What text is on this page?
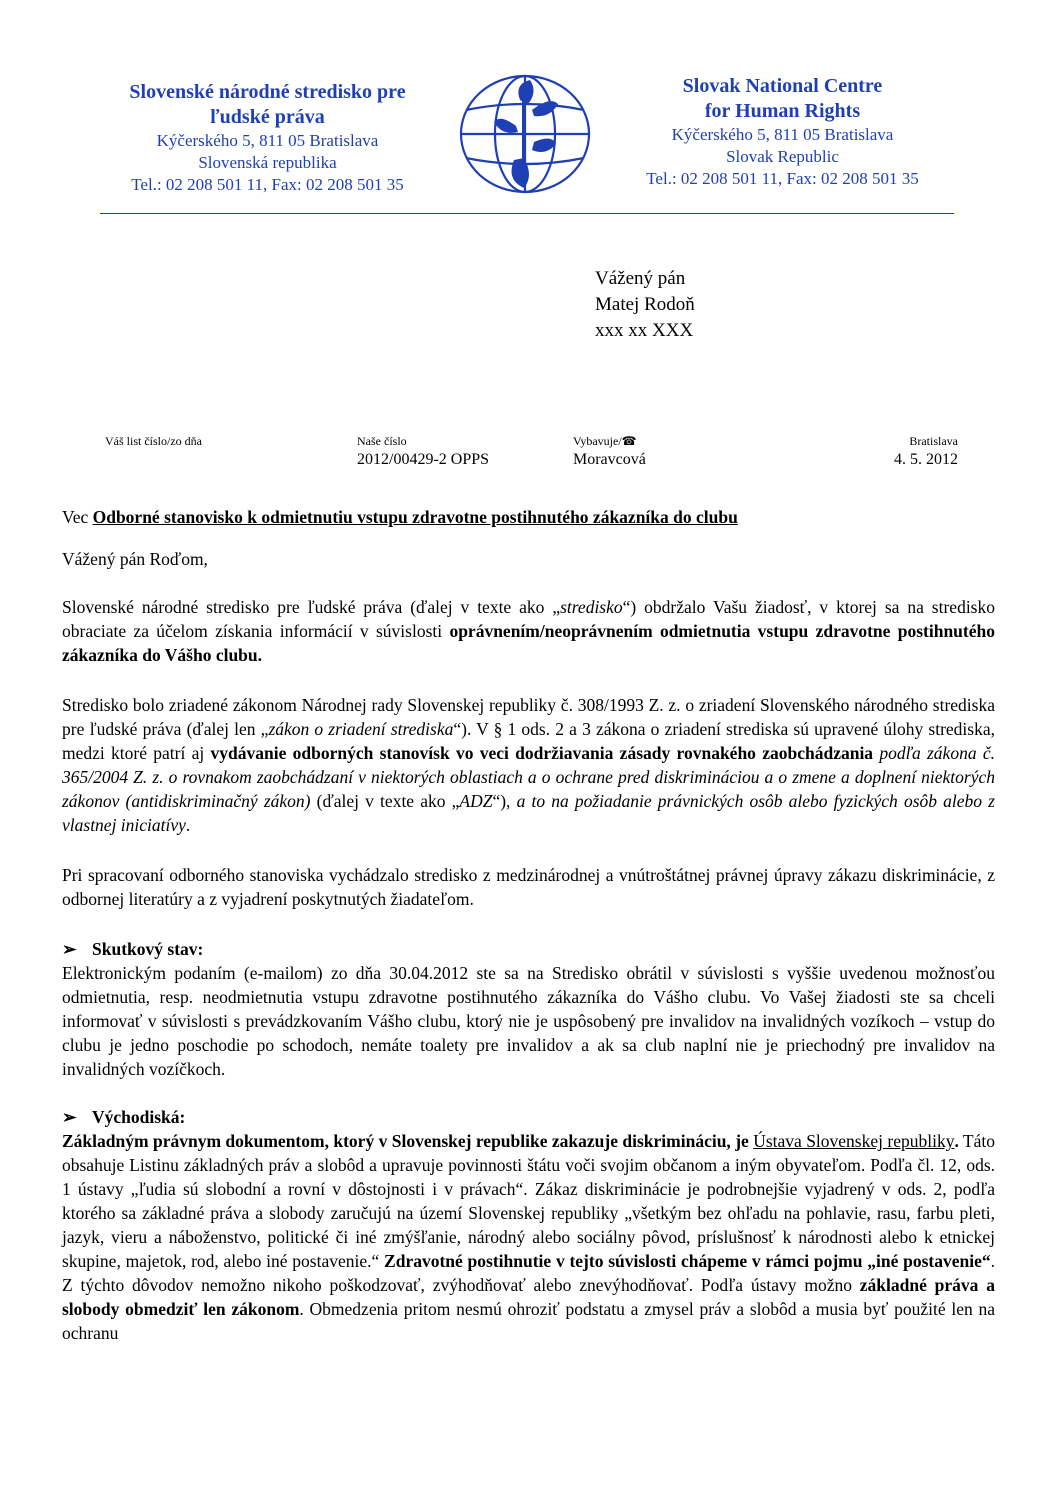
Slovenské národné stredisko pre
ľudské práva
Kýčerského 5, 811 05 Bratislava
Slovenská republika
Tel.: 02 208 501 11, Fax: 02 208 501 35
Slovak National Centre
for Human Rights
Kýčerského 5, 811 05 Bratislava
Slovak Republic
Tel.: 02 208 501 11, Fax: 02 208 501 35
Vážený pán
Matej Rodoň
xxx xx XXX
Váš list číslo/zo dňa	Naše číslo
2012/00429-2 OPPS
Vybavuje/☎
Moravcová
Bratislava
4. 5. 2012
Vec Odborné stanovisko k odmietnutiu vstupu zdravotne postihnutého zákazníka do clubu
Vážený pán Roďom,

Slovenské národné stredisko pre ľudské práva (ďalej v texte ako „stredisko“) obdržalo Vašu žiadosť, v ktorej sa na stredisko obraciate za účelom získania informácií v súvislosti oprávnením/neoprávnením odmietnutia vstupu zdravotne postihnutého zákazníka do Vášho clubu.

Stredisko bolo zriadené zákonom Národnej rady Slovenskej republiky č. 308/1993 Z. z. o zriadení Slovenského národného strediska pre ľudské práva (ďalej len „zákon o zriadení strediska“). V § 1 ods. 2 a 3 zákona o zriadení strediska sú upravené úlohy strediska, medzi ktoré patrí aj vydávanie odborných stanovísk vo veci dodržiavania zásady rovnakého zaobchádzania podľa zákona č. 365/2004 Z. z. o rovnakom zaobchádzaní v niektorých oblastiach a o ochrane pred diskrimináciou a o zmene a doplnení niektorých zákonov (antidiskriminačný zákon) (ďalej v texte ako „ADZ“), a to na požiadanie právnických osôb alebo fyzických osôb alebo z vlastnej iniciatívy.

Pri spracovaní odborného stanoviska vychádzalo stredisko z medzinárodnej a vnútroštátnej právnej úpravy zákazu diskriminácie, z odbornej literatúry a z vyjadrení poskytnutých žiadateľom.

➢ Skutkový stav:

Elektronickým podaním (e-mailom) zo dňa 30.04.2012 ste sa na Stredisko obrátil v súvislosti s vyššie uvedenou možnosťou odmietnutia, resp. neodmietnutia vstupu zdravotne postihnutého zákazníka do Vášho clubu. Vo Vašej žiadosti ste sa chceli informovať v súvislosti s prevádzkovaním Vášho clubu, ktorý nie je uspôsobený pre invalidov na invalidných vozíkoch – vstup do clubu je jedno poschodie po schodoch, nemáte toalety pre invalidov a ak sa club naplní nie je priechodný pre invalidov na invalidných vozíčkoch.

➢ Východiská:

Základným právnym dokumentom, ktorý v Slovenskej republike zakazuje diskrimináciu, je Ústava Slovenskej republiky. Táto obsahuje Listinu základných práv a slobôd a upravuje povinnosti štátu voči svojim občanom a iným obyvateľom. Podľa čl. 12, ods. 1 ústavy „ľudia sú slobodní a rovní v dôstojnosti i v právach“. Zákaz diskriminácie je podrobnejšie vyjadrený v ods. 2, podľa ktorého sa základné práva a slobody zaručujú na území Slovenskej republiky „všetkým bez ohľadu na pohlavie, rasu, farbu pleti, jazyk, vieru a náboženstvo, politické či iné zmýšľanie, národný alebo sociálny pôvod, príslušnosť k národnosti alebo k etnickej skupine, majetok, rod, alebo iné postavenie.“ Zdravotné postihnutie v tejto súvislosti chápeme v rámci pojmu „iné postavenie“. Z týchto dôvodov nemožno nikoho poškodzovať, zvýhodňovať alebo znevýhodňovať. Podľa ústavy možno základné práva a slobody obmedziť len zákonom. Obmedzenia pritom nesmú ohroziť podstatu a zmysel práv a slobôd a musia byť použité len na ochranu
